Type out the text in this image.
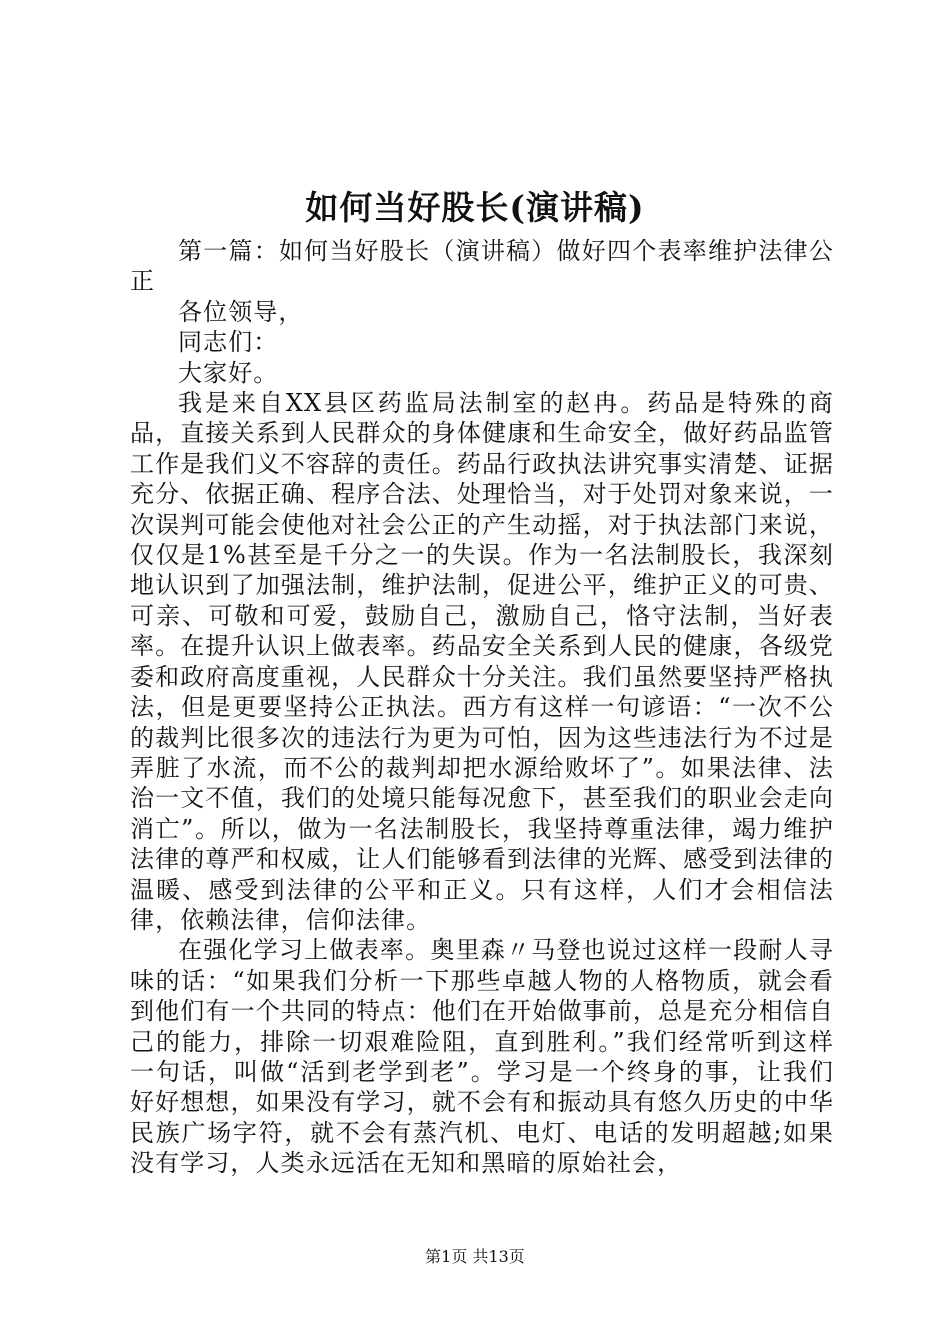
如何当好股长(演讲稿)

第一篇：如何当好股长（演讲稿）做好四个表率维护法律公正

各位领导，

同志们：

大家好。

我是来自XX县区药监局法制室的赵冉。药品是特殊的商品，直接关系到人民群众的身体健康和生命安全，做好药品监管工作是我们义不容辞的责任。药品行政执法讲究事实清楚、证据充分、依据正确、程序合法、处理恰当，对于处罚对象来说，一次误判可能会使他对社会公正的产生动摇，对于执法部门来说，仅仅是1%甚至是千分之一的失误。作为一名法制股长，我深刻地认识到了加强法制，维护法制，促进公平，维护正义的可贵、可亲、可敬和可爱，鼓励自己，激励自己，恪守法制，当好表率。在提升认识上做表率。药品安全关系到人民的健康，各级党委和政府高度重视，人民群众十分关注。我们虽然要坚持严格执法，但是更要坚持公正执法。西方有这样一句谚语：“一次不公的裁判比很多次的违法行为更为可怕，因为这些违法行为不过是弄脏了水流，而不公的裁判却把水源给败坏了”。如果法律、法治一文不值，我们的处境只能每况愈下，甚至我们的职业会走向消亡”。所以，做为一名法制股长，我坚持尊重法律，竭力维护法律的尊严和权威，让人们能够看到法律的光辉、感受到法律的温暖、感受到法律的公平和正义。只有这样，人们才会相信法律，依赖法律，信仰法律。

在强化学习上做表率。奥里森〃马登也说过这样一段耐人寻味的话：“如果我们分析一下那些卓越人物的人格物质，就会看到他们有一个共同的特点：他们在开始做事前，总是充分相信自己的能力，排除一切艰难险阻，直到胜利。”我们经常听到这样一句话，叫做“活到老学到老”。学习是一个终身的事，让我们好好想想，如果没有学习，就不会有和振动具有悠久历史的中华民族广场字符，就不会有蒸汽机、电灯、电话的发明超越;如果没有学习，人类永远活在无知和黑暗的原始社会，

第1页 共13页
